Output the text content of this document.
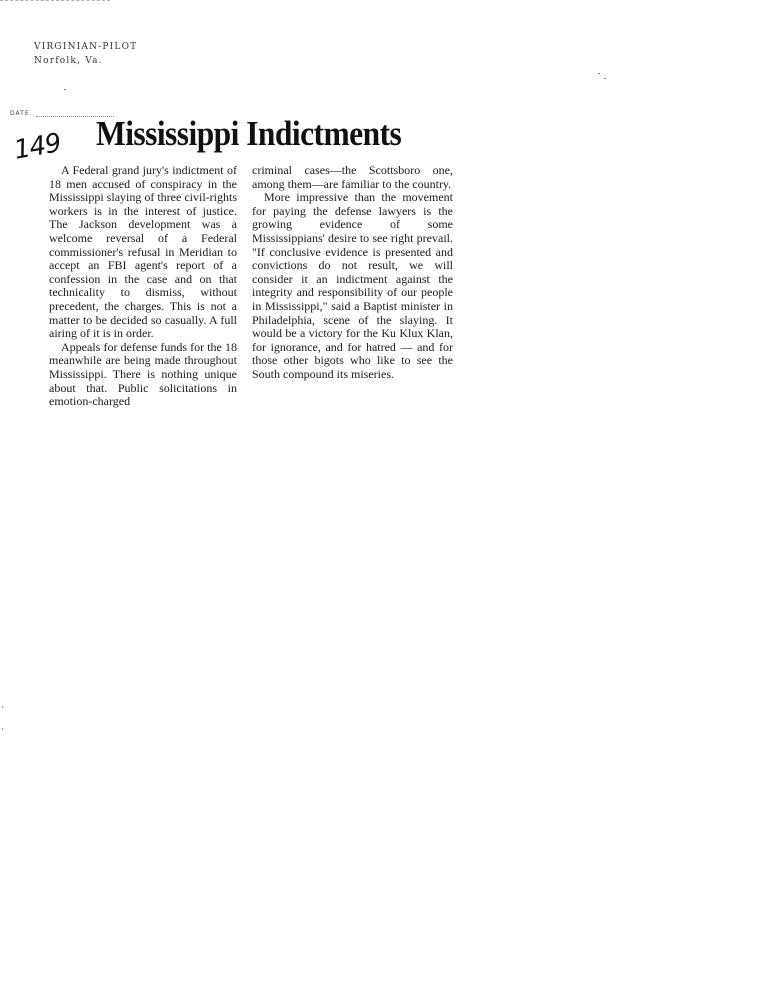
VIRGINIAN-PILOT
Norfolk, Va.
DATE
149 Mississippi Indictments

A Federal grand jury's indictment of 18 men accused of conspiracy in the Mississippi slaying of three civil-rights workers is in the interest of justice. The Jackson development was a welcome reversal of a Federal commissioner's refusal in Meridian to accept an FBI agent's report of a confession in the case and on that technicality to dismiss, without precedent, the charges. This is not a matter to be decided so casually. A full airing of it is in order.

Appeals for defense funds for the 18 meanwhile are being made throughout Mississippi. There is nothing unique about that. Public solicitations in emotion-charged

criminal cases—the Scottsboro one, among them—are familiar to the country.

More impressive than the movement for paying the defense lawyers is the growing evidence of some Mississippians' desire to see right prevail. "If conclusive evidence is presented and convictions do not result, we will consider it an indictment against the integrity and responsibility of our people in Mississippi," said a Baptist minister in Philadelphia, scene of the slaying. It would be a victory for the Ku Klux Klan, for ignorance, and for hatred — and for those other bigots who like to see the South compound its miseries.
